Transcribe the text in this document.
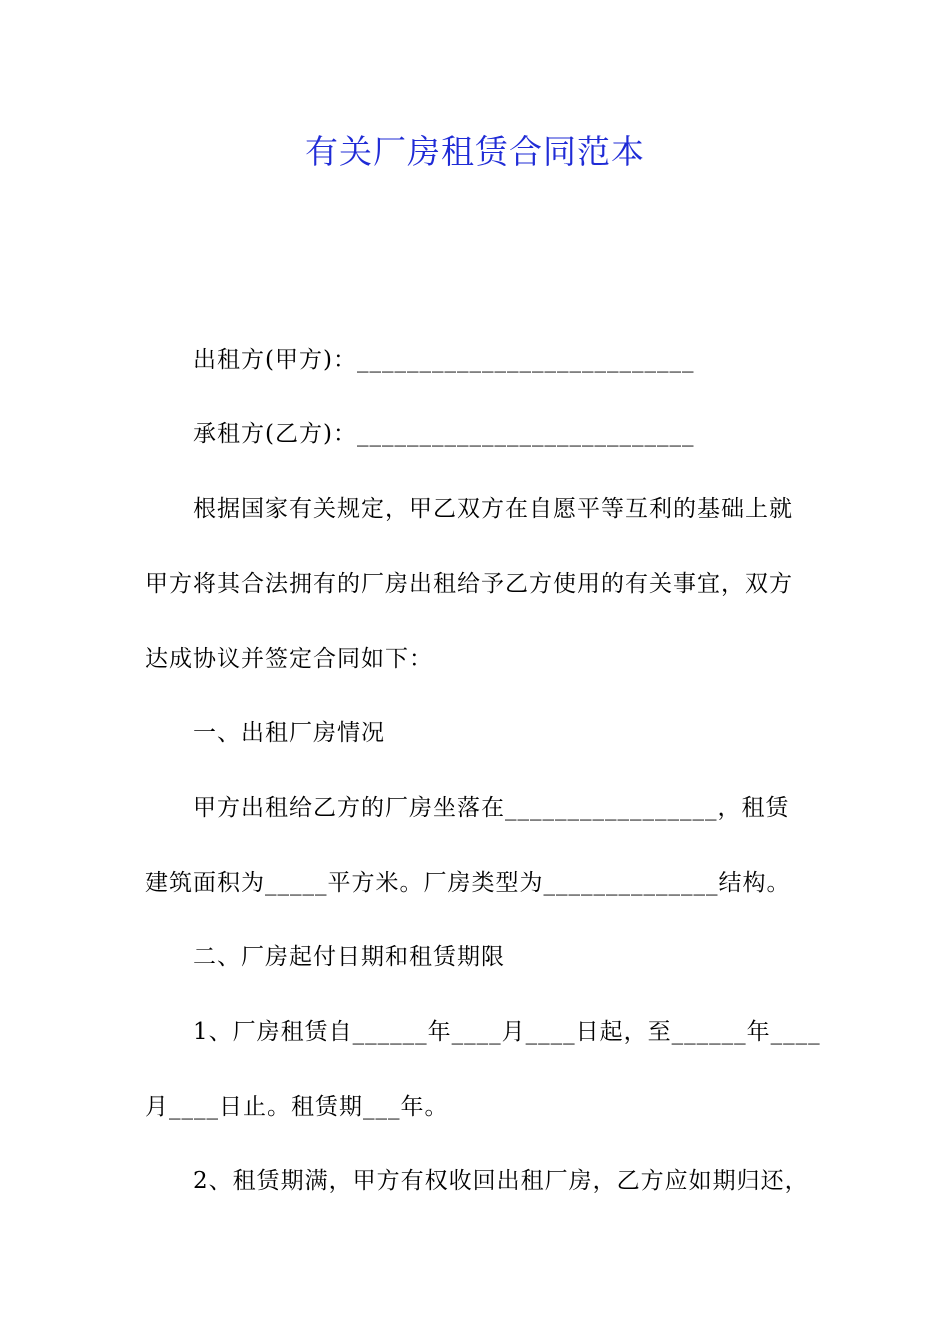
有关厂房租赁合同范本
出租方(甲方)：___________________________
承租方(乙方)：___________________________
根据国家有关规定，甲乙双方在自愿平等互利的基础上就
甲方将其合法拥有的厂房出租给予乙方使用的有关事宜，双方
达成协议并签定合同如下：
一、出租厂房情况
甲方出租给乙方的厂房坐落在_________________，租赁
建筑面积为_____平方米。厂房类型为______________结构。
二、厂房起付日期和租赁期限
1、厂房租赁自______年____月____日起，至______年____
月____日止。租赁期___年。
2、租赁期满，甲方有权收回出租厂房，乙方应如期归还，
